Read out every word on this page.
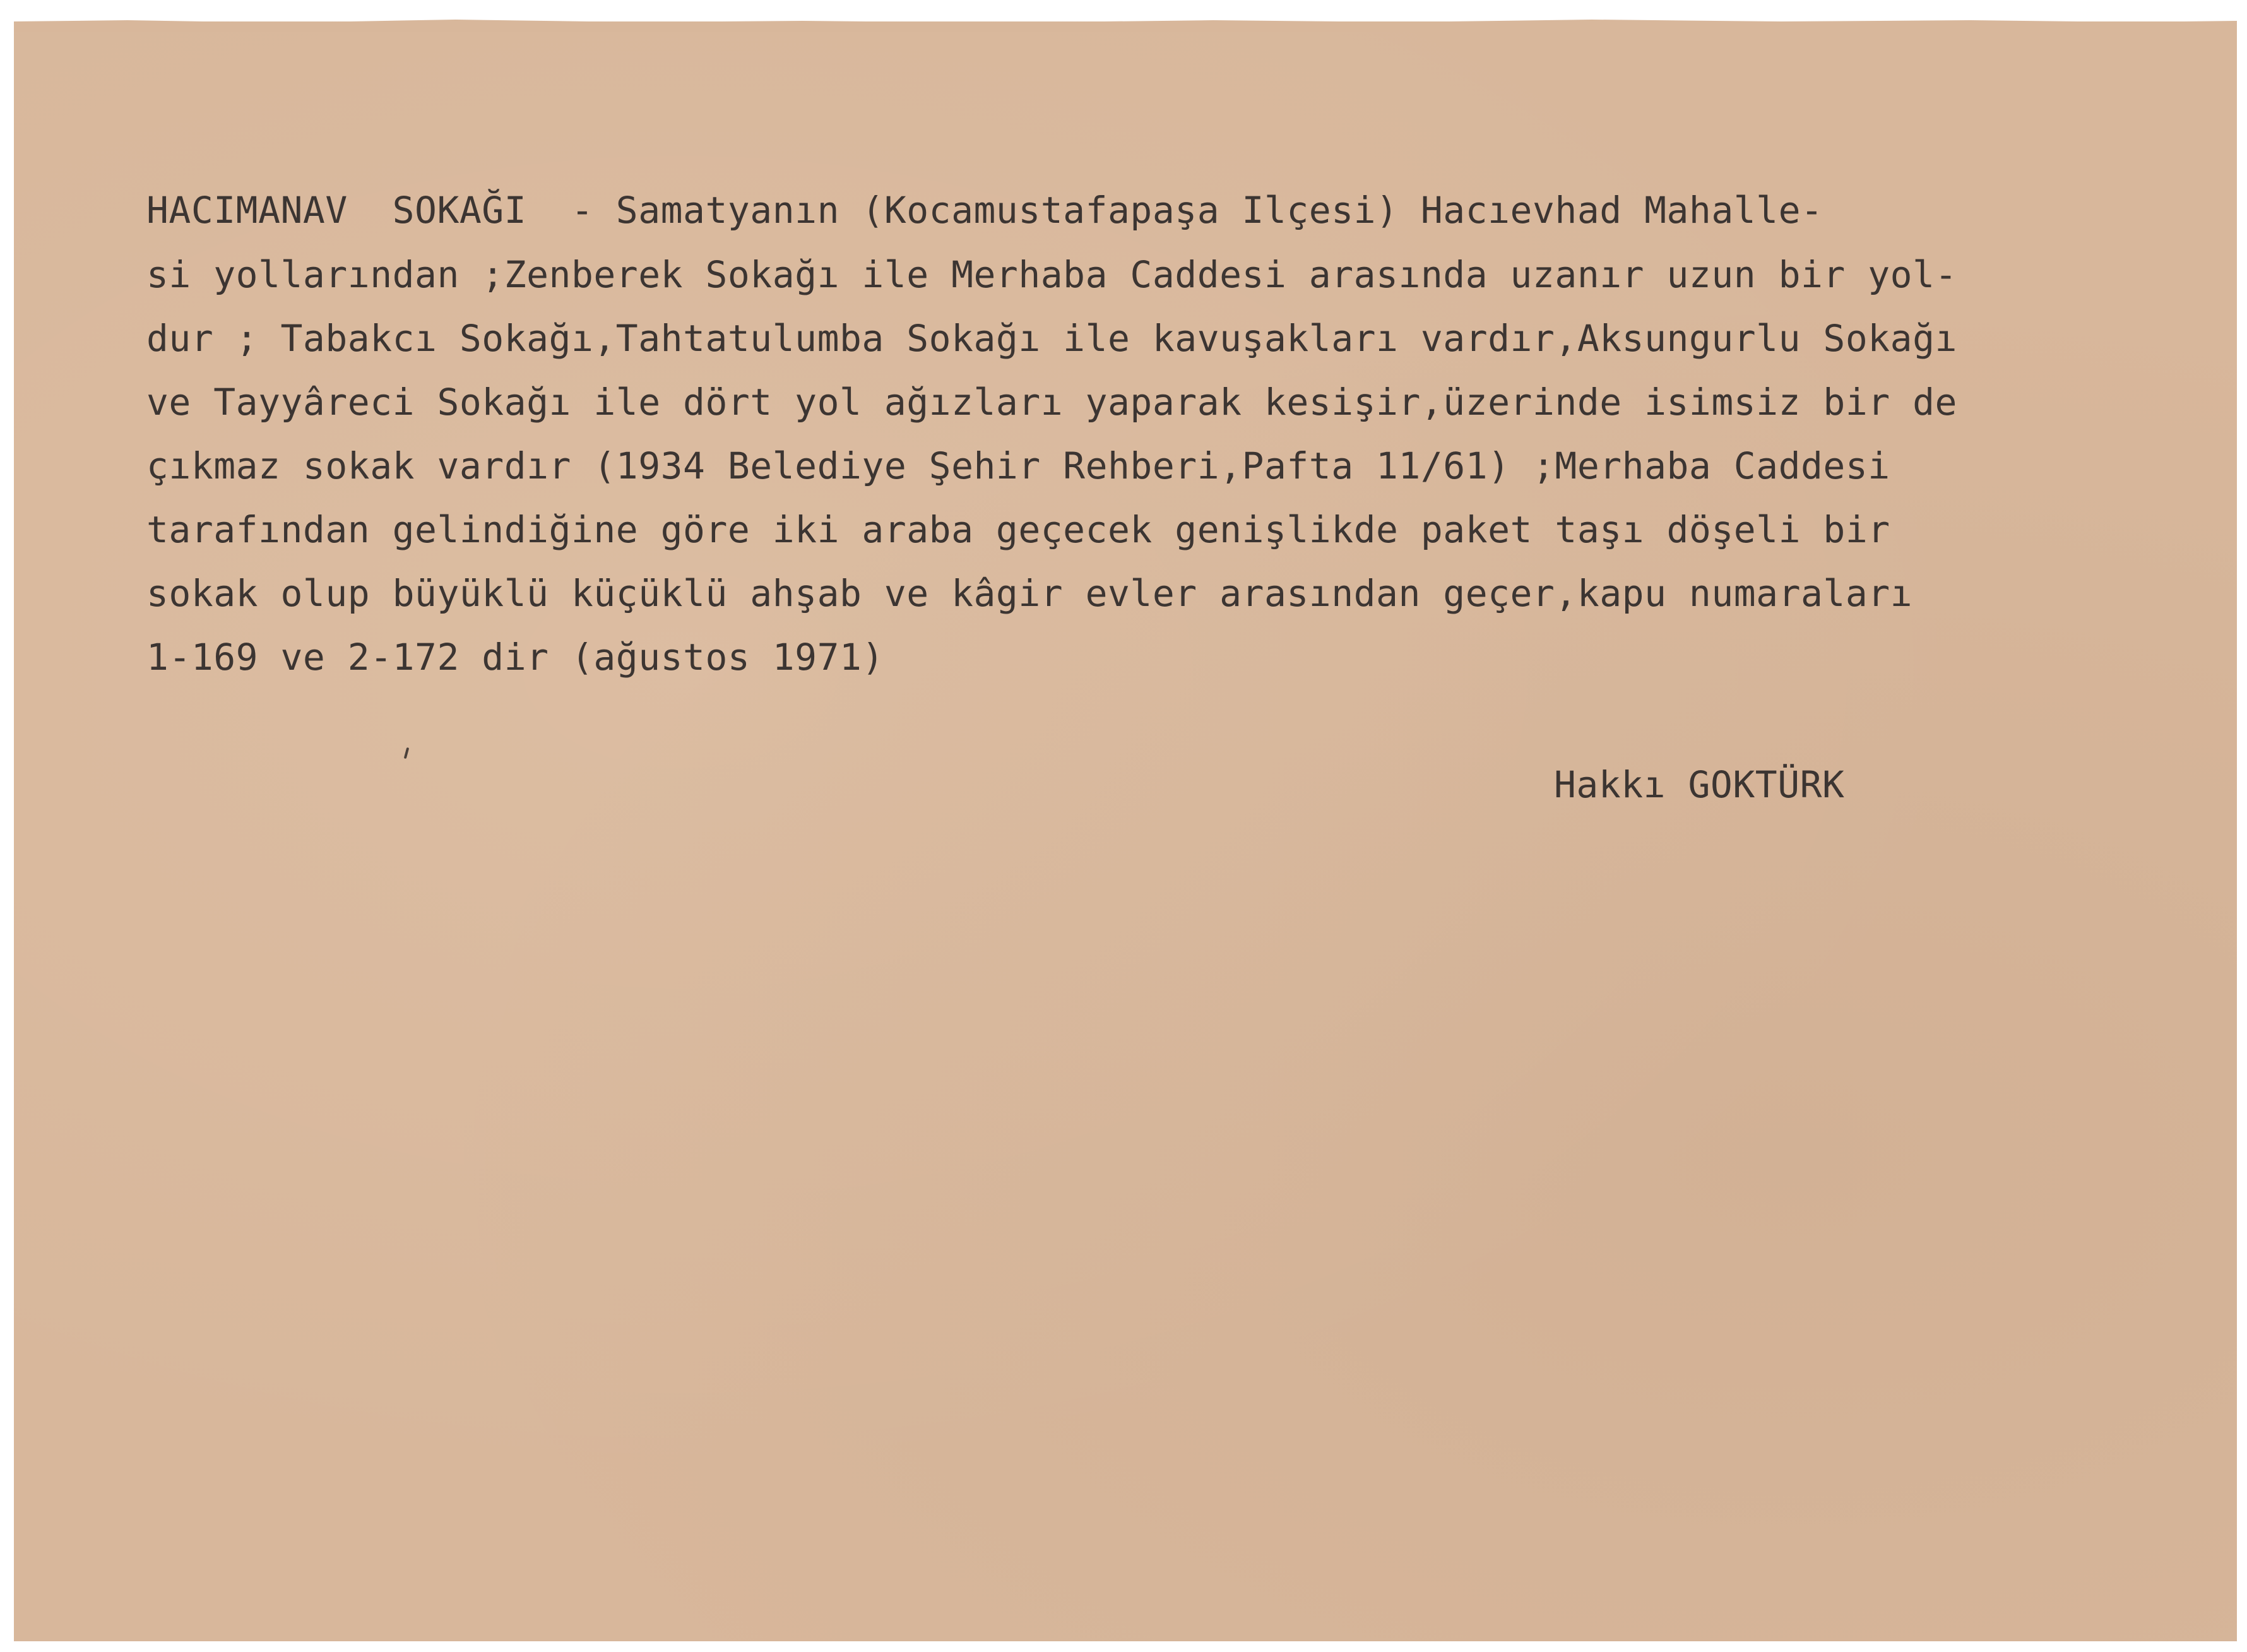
HACIMANAV  SOKAĞI  - Samatyanın (Kocamustafapaşa Ilçesi) Hacıevhad Mahalle-

si yollarından ;Zenberek Sokağı ile Merhaba Caddesi arasında uzanır uzun bir yol-

dur ; Tabakcı Sokağı,Tahtatulumba Sokağı ile kavuşakları vardır,Aksungurlu Sokağı

ve Tayyâreci Sokağı ile dört yol ağızları yaparak kesişir,üzerinde isimsiz bir de

çıkmaz sokak vardır (1934 Belediye Şehir Rehberi,Pafta 11/61) ;Merhaba Caddesi

tarafından gelindiğine göre iki araba geçecek genişlikde paket taşı döşeli bir

sokak olup büyüklü küçüklü ahşab ve kâgir evler arasından geçer,kapu numaraları

1-169 ve 2-172 dir (ağustos 1971)

Hakkı GOKTÜRK
